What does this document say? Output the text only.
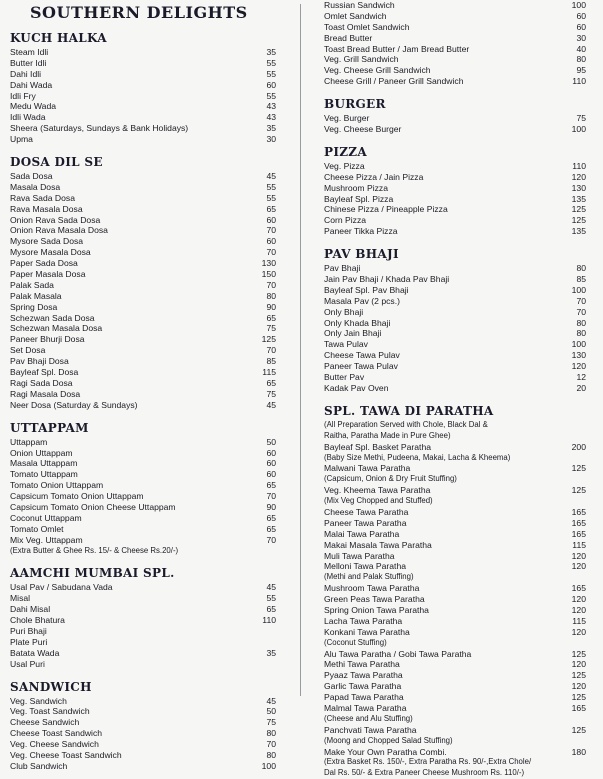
SOUTHERN DELIGHTS
KUCH HALKA
Steam Idli	35
Butter Idli	55
Dahi Idli	55
Dahi Wada	60
Idli Fry	55
Medu Wada	43
Idli Wada	43
Sheera (Saturdays, Sundays & Bank Holidays)	35
Upma	30
DOSA DIL SE
Sada Dosa	45
Masala Dosa	55
Rava Sada Dosa	55
Rava Masala Dosa	65
Onion Rava Sada Dosa	60
Onion Rava Masala Dosa	70
Mysore Sada Dosa	60
Mysore Masala Dosa	70
Paper Sada Dosa	130
Paper Masala Dosa	150
Palak Sada	70
Palak Masala	80
Spring Dosa	90
Schezwan Sada Dosa	65
Schezwan Masala Dosa	75
Paneer Bhurji Dosa	125
Set Dosa	70
Pav Bhaji Dosa	85
Bayleaf Spl. Dosa	115
Ragi Sada Dosa	65
Ragi Masala Dosa	75
Neer Dosa (Saturday & Sundays)	45
UTTAPPAM
Uttappam	50
Onion Uttappam	60
Masala Uttappam	60
Tomato Uttappam	60
Tomato Onion Uttappam	65
Capsicum Tomato Onion Uttappam	70
Capsicum Tomato Onion Cheese Uttappam	90
Coconut Uttappam	65
Tomato Omlet	65
Mix Veg. Uttappam	70
(Extra Butter & Ghee Rs. 15/- & Cheese Rs.20/-)
AAMCHI MUMBAI SPL.
Usal Pav / Sabudana Vada	45
Misal	55
Dahi Misal	65
Chole Bhatura	110
Puri Bhaji
Plate Puri
Batata Wada	35
Usal Puri
SANDWICH
Veg. Sandwich	45
Veg. Toast Sandwich	50
Cheese Sandwich	75
Cheese Toast Sandwich	80
Veg. Cheese Sandwich	70
Veg. Cheese Toast Sandwich	80
Club Sandwich	100
Russian Sandwich	100
Omlet Sandwich	60
Toast Omlet Sandwich	60
Bread Butter	30
Toast Bread Butter / Jam Bread Butter	40
Veg. Grill Sandwich	80
Veg. Cheese Grill Sandwich	95
Cheese Grill / Paneer Grill Sandwich	110
BURGER
Veg. Burger	75
Veg. Cheese Burger	100
PIZZA
Veg. Pizza	110
Cheese Pizza / Jain Pizza	120
Mushroom Pizza	130
Bayleaf Spl. Pizza	135
Chinese Pizza / Pineapple Pizza	125
Corn Pizza	125
Paneer Tikka Pizza	135
PAV BHAJI
Pav Bhaji	80
Jain Pav Bhaji / Khada Pav Bhaji	85
Bayleaf Spl. Pav Bhaji	100
Masala Pav (2 pcs.)	70
Only Bhaji	70
Only Khada Bhaji	80
Only Jain Bhaji	80
Tawa Pulav	100
Cheese Tawa Pulav	130
Paneer Tawa Pulav	120
Butter Pav	12
Kadak Pav Oven	20
SPL. TAWA DI PARATHA
(All Preparation Served with Chole, Black Dal &
Raitha, Paratha Made in Pure Ghee)
Bayleaf Spl. Basket Paratha	200
(Baby Size Methi, Pudeena, Makai, Lacha & Kheema)
Malwani Tawa Paratha	125
(Capsicum, Onion & Dry Fruit Stuffing)
Veg. Kheema Tawa Paratha	125
(Mix Veg Chopped and Stuffed)
Cheese Tawa Paratha	165
Paneer Tawa Paratha	165
Malai Tawa Paratha	165
Makai Masala Tawa Paratha	115
Muli Tawa Paratha	120
Melloni Tawa Paratha	120
(Methi and Palak Stuffing)
Mushroom Tawa Paratha	165
Green Peas Tawa Paratha	120
Spring Onion Tawa Paratha	120
Lacha Tawa Paratha	115
Konkani Tawa Paratha	120
(Coconut Stuffing)
Alu Tawa Paratha / Gobi Tawa Paratha	125
Methi Tawa Paratha	120
Pyaaz Tawa Paratha	125
Garlic Tawa Paratha	120
Papad Tawa Paratha	125
Malmal Tawa Paratha	165
(Cheese and Alu Stuffing)
Panchvati Tawa Paratha	125
(Moong and Chopped Salad Stuffing)
Make Your Own Paratha Combi.	180
(Extra Basket Rs. 150/-, Extra Paratha Rs. 90/-,Extra Chole/
Dal Rs. 50/- & Extra Paneer Cheese Mushroom Rs. 110/-)
